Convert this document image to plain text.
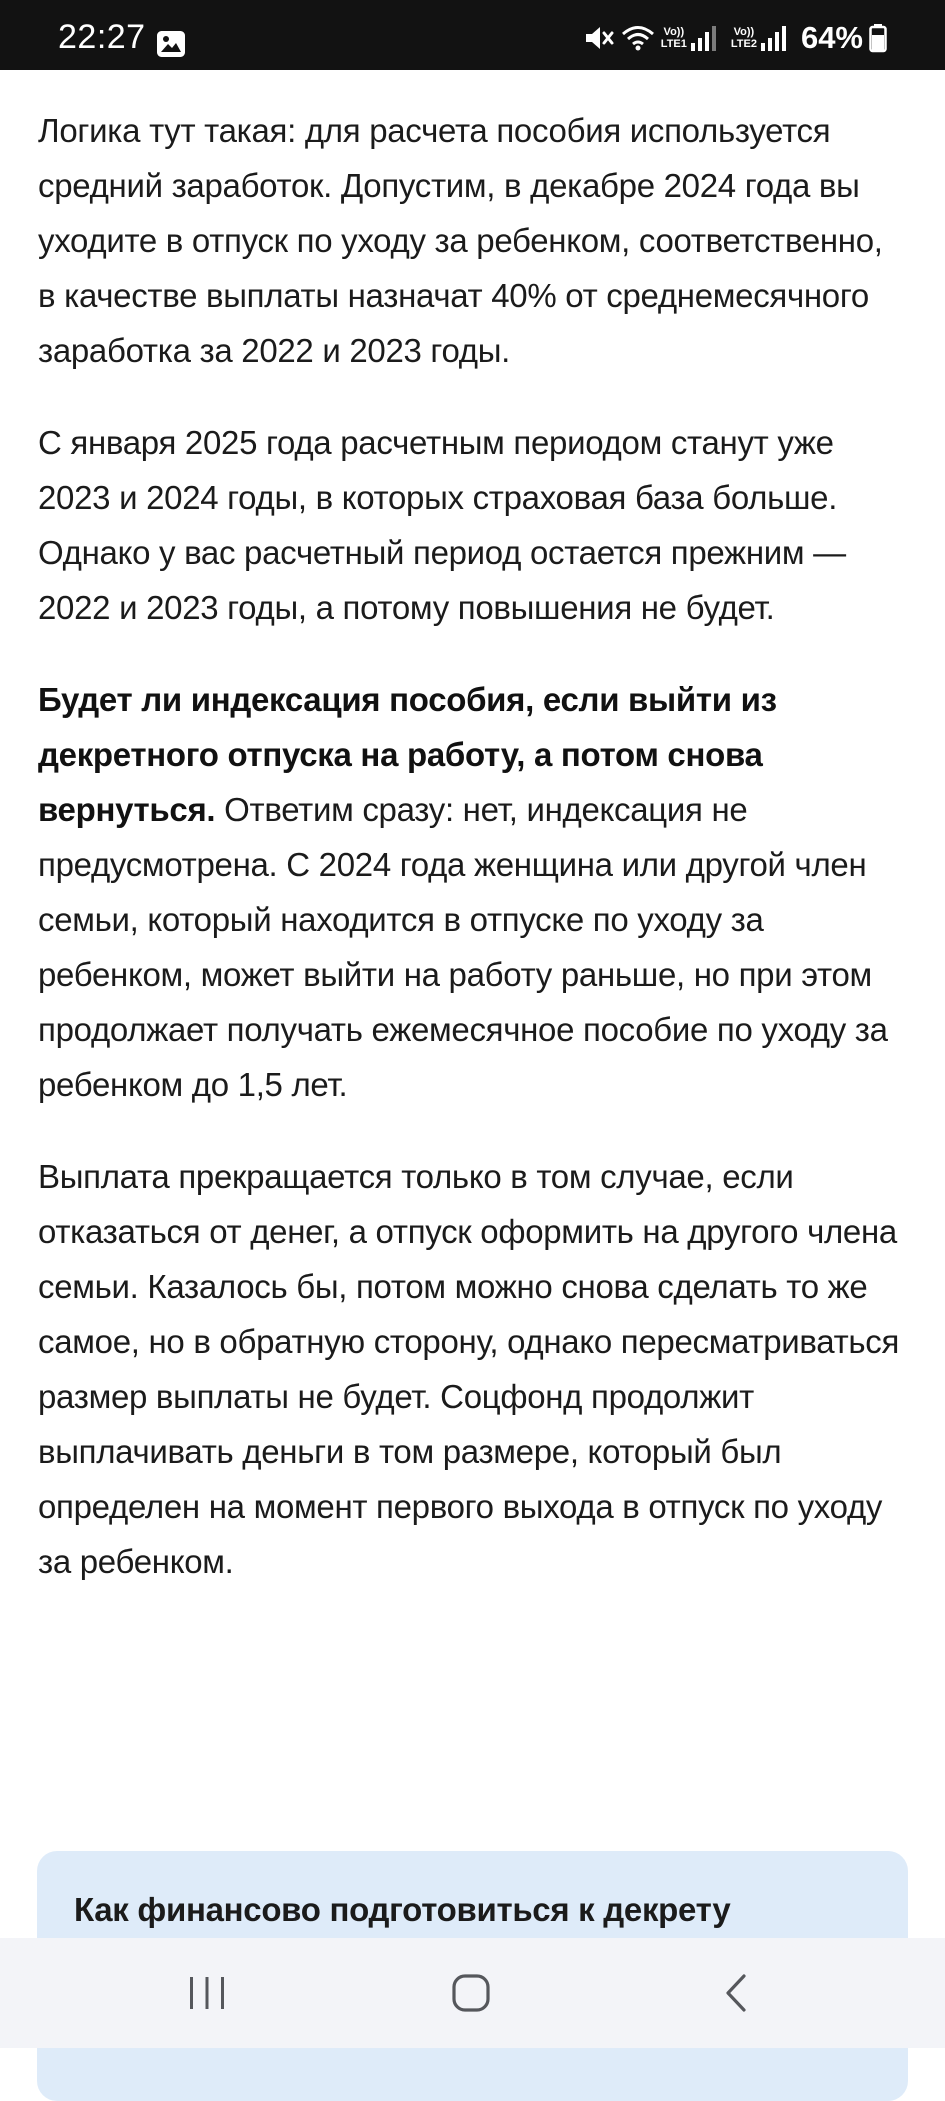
22:27	Vo))
LTE1
Vo))
LTE2 64%

Логика тут такая: для расчета пособия используется средний заработок. Допустим, в декабре 2024 года вы уходите в отпуск по уходу за ребенком, соответственно, в качестве выплаты назначат 40% от среднемесячного заработка за 2022 и 2023 годы.

С января 2025 года расчетным периодом станут уже 2023 и 2024 годы, в которых страховая база больше. Однако у вас расчетный период остается прежним — 2022 и 2023 годы, а потому повышения не будет.

Будет ли индексация пособия, если выйти из декретного отпуска на работу, а потом снова вернуться. Ответим сразу: нет, индексация не предусмотрена. С 2024 года женщина или другой член семьи, который находится в отпуске по уходу за ребенком, может выйти на работу раньше, но при этом продолжает получать ежемесячное пособие по уходу за ребенком до 1,5 лет.

Выплата прекращается только в том случае, если отказаться от денег, а отпуск оформить на другого члена семьи. Казалось бы, потом можно снова сделать то же самое, но в обратную сторону, однако пересматриваться размер выплаты не будет. Соцфонд продолжит выплачивать деньги в том размере, который был определен на момент первого выхода в отпуск по уходу за ребенком.

Как финансово подготовиться к декрету
